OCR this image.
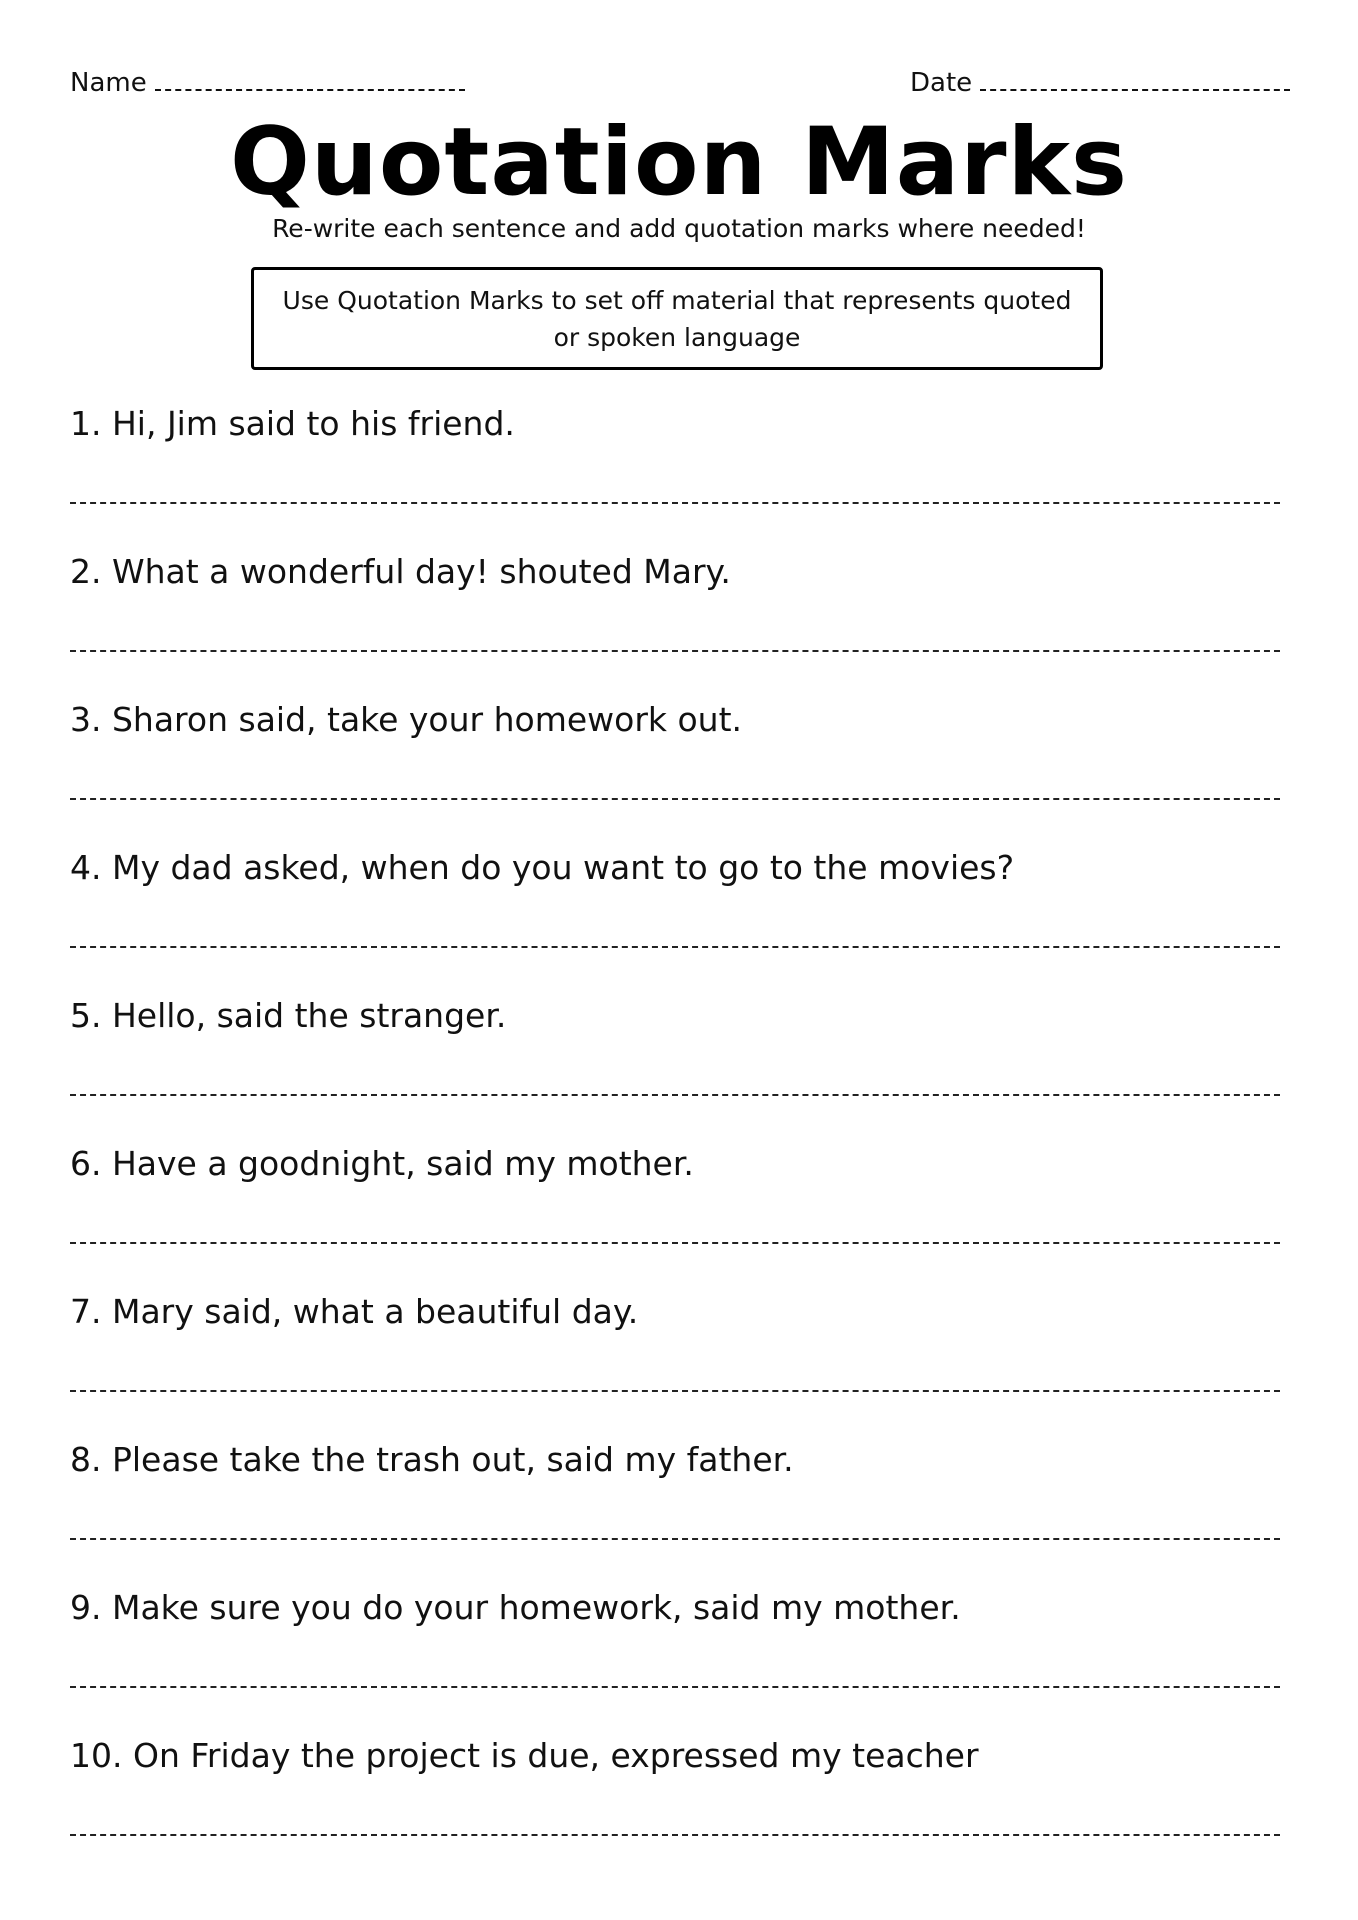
Name	Date
Quotation Marks
Re-write each sentence and add quotation marks where needed!
Use Quotation Marks to set off material that represents quoted or spoken language
1. Hi, Jim said to his friend.
2. What a wonderful day! shouted Mary.
3. Sharon said, take your homework out.
4. My dad asked, when do you want to go to the movies?
5. Hello, said the stranger.
6. Have a goodnight, said my mother.
7. Mary said, what a beautiful day.
8. Please take the trash out, said my father.
9. Make sure you do your homework, said my mother.
10. On Friday the project is due, expressed my teacher
